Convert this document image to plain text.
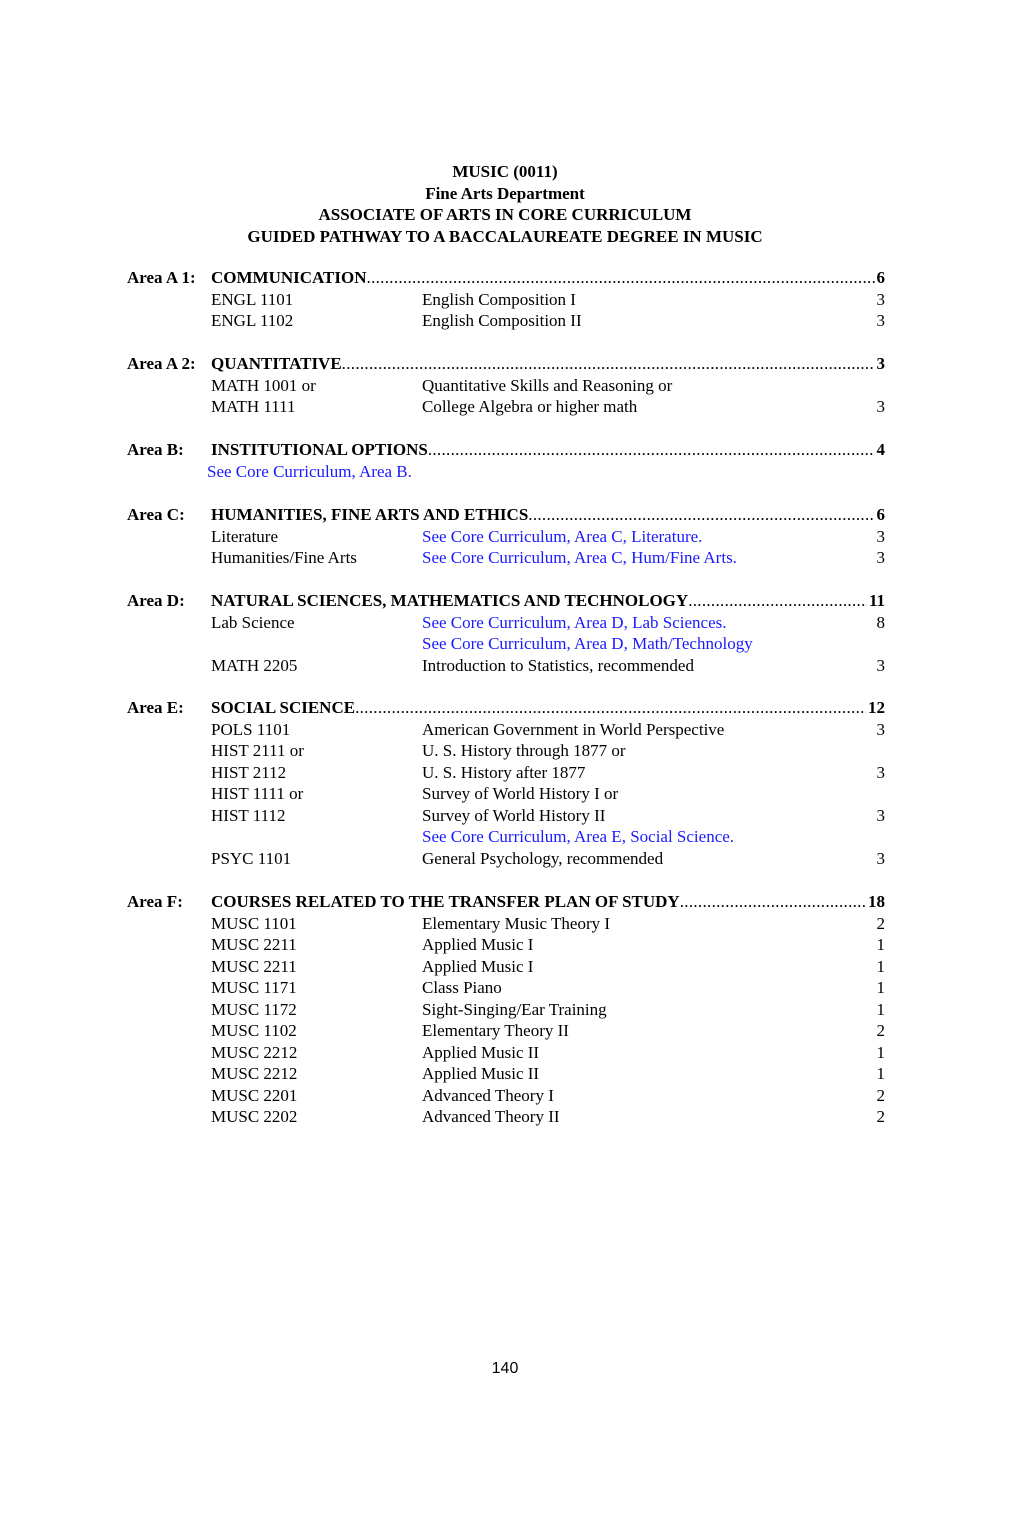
MUSIC (0011)
Fine Arts Department
ASSOCIATE OF ARTS IN CORE CURRICULUM
GUIDED PATHWAY TO A BACCALAUREATE DEGREE IN MUSIC
Area A 1: COMMUNICATION .....	6
ENGL 1101	English Composition I	3
ENGL 1102	English Composition II	3
Area A 2: QUANTITATIVE .....	3
MATH 1001 or	Quantitative Skills and Reasoning or
MATH 1111	College Algebra or higher math	3
Area B: INSTITUTIONAL OPTIONS .....	4
See Core Curriculum, Area B.
Area C: HUMANITIES, FINE ARTS AND ETHICS .....	6
Literature	See Core Curriculum, Area C, Literature.	3
Humanities/Fine Arts	See Core Curriculum, Area C, Hum/Fine Arts.	3
Area D: NATURAL SCIENCES, MATHEMATICS AND TECHNOLOGY .....	11
Lab Science	See Core Curriculum, Area D, Lab Sciences.	8
See Core Curriculum, Area D, Math/Technology
MATH 2205	Introduction to Statistics, recommended	3
Area E: SOCIAL SCIENCE .....	12
POLS 1101	American Government in World Perspective	3
HIST 2111 or	U. S. History through 1877 or
HIST 2112	U. S. History after 1877	3
HIST 1111 or	Survey of World History I or
HIST 1112	Survey of World History II	3
See Core Curriculum, Area E, Social Science.
PSYC 1101	General Psychology, recommended	3
Area F: COURSES RELATED TO THE TRANSFER PLAN OF STUDY .....	18
MUSC 1101	Elementary Music Theory I	2
MUSC 2211	Applied Music I	1
MUSC 2211	Applied Music I	1
MUSC 1171	Class Piano	1
MUSC 1172	Sight-Singing/Ear Training	1
MUSC 1102	Elementary Theory II	2
MUSC 2212	Applied Music II	1
MUSC 2212	Applied Music II	1
MUSC 2201	Advanced Theory I	2
MUSC 2202	Advanced Theory II	2
140
